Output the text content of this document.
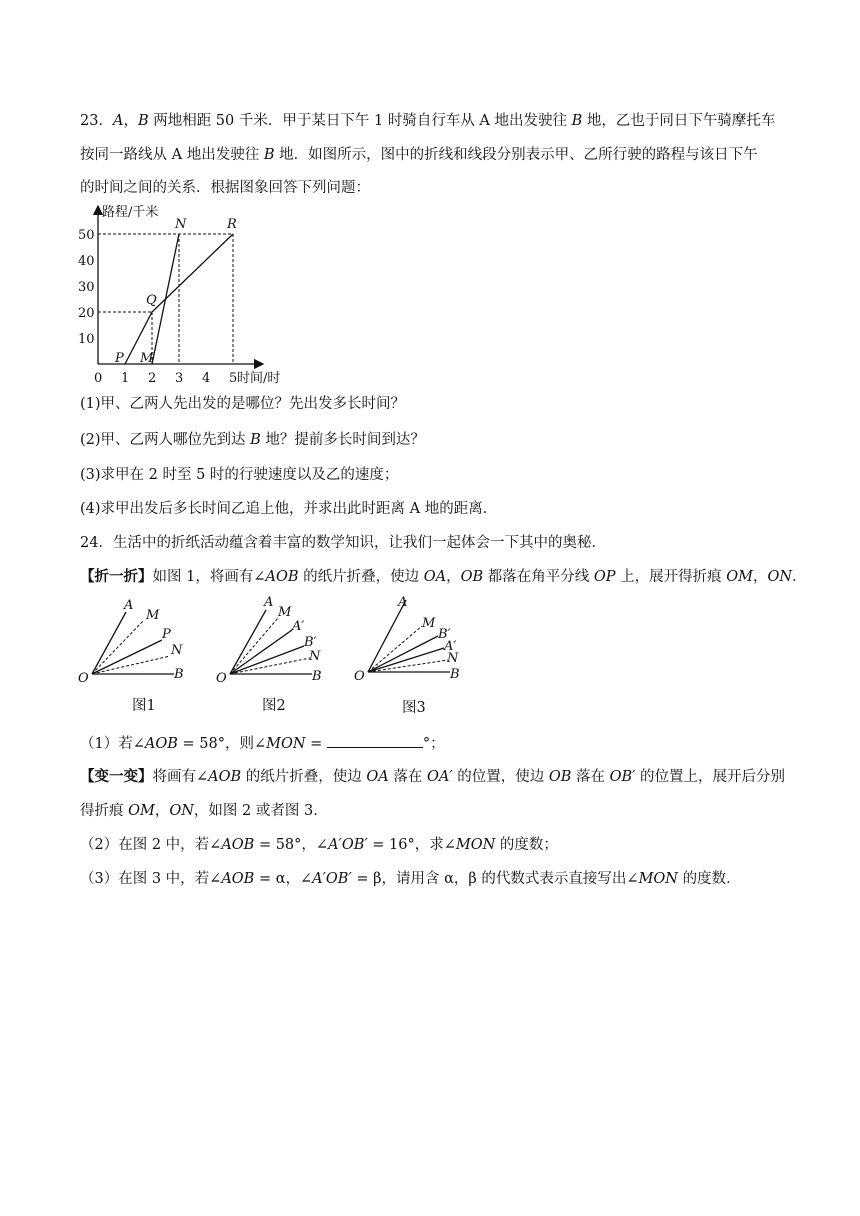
23．A，B 两地相距 50 千米．甲于某日下午 1 时骑自行车从 A 地出发驶往 B 地，乙也于同日下午骑摩托车
按同一路线从 A 地出发驶往 B 地．如图所示，图中的折线和线段分别表示甲、乙所行驶的路程与该日下午
的时间之间的关系．根据图象回答下列问题：
0 1 2 3 4 5
10
20
30
40
50
路程/千米
时间/时
P
Q
R
M
N
(1)甲、乙两人先出发的是哪位？先出发多长时间？
(2)甲、乙两人哪位先到达 B 地？提前多长时间到达？
(3)求甲在 2 时至 5 时的行驶速度以及乙的速度；
(4)求甲出发后多长时间乙追上他，并求出此时距离 A 地的距离．
24．生活中的折纸活动蕴含着丰富的数学知识，让我们一起体会一下其中的奥秘．
【折一折】如图 1，将画有∠AOB 的纸片折叠，使边 OA，OB 都落在角平分线 OP 上，展开得折痕 OM，ON．
A
M
P
N
B
O
图1
A
M
A′
B′
N
B
O
图2
A
M
B′
A′
N
B
O
图3
（1）若∠AOB = 58°，则∠MON =	°；
【变一变】将画有∠AOB 的纸片折叠，使边 OA 落在 OA′ 的位置，使边 OB 落在 OB′ 的位置上，展开后分别
得折痕 OM，ON，如图 2 或者图 3．
（2）在图 2 中，若∠AOB = 58°，∠A′OB′ = 16°，求∠MON 的度数；
（3）在图 3 中，若∠AOB = α，∠A′OB′ = β，请用含 α，β 的代数式表示直接写出∠MON 的度数．
